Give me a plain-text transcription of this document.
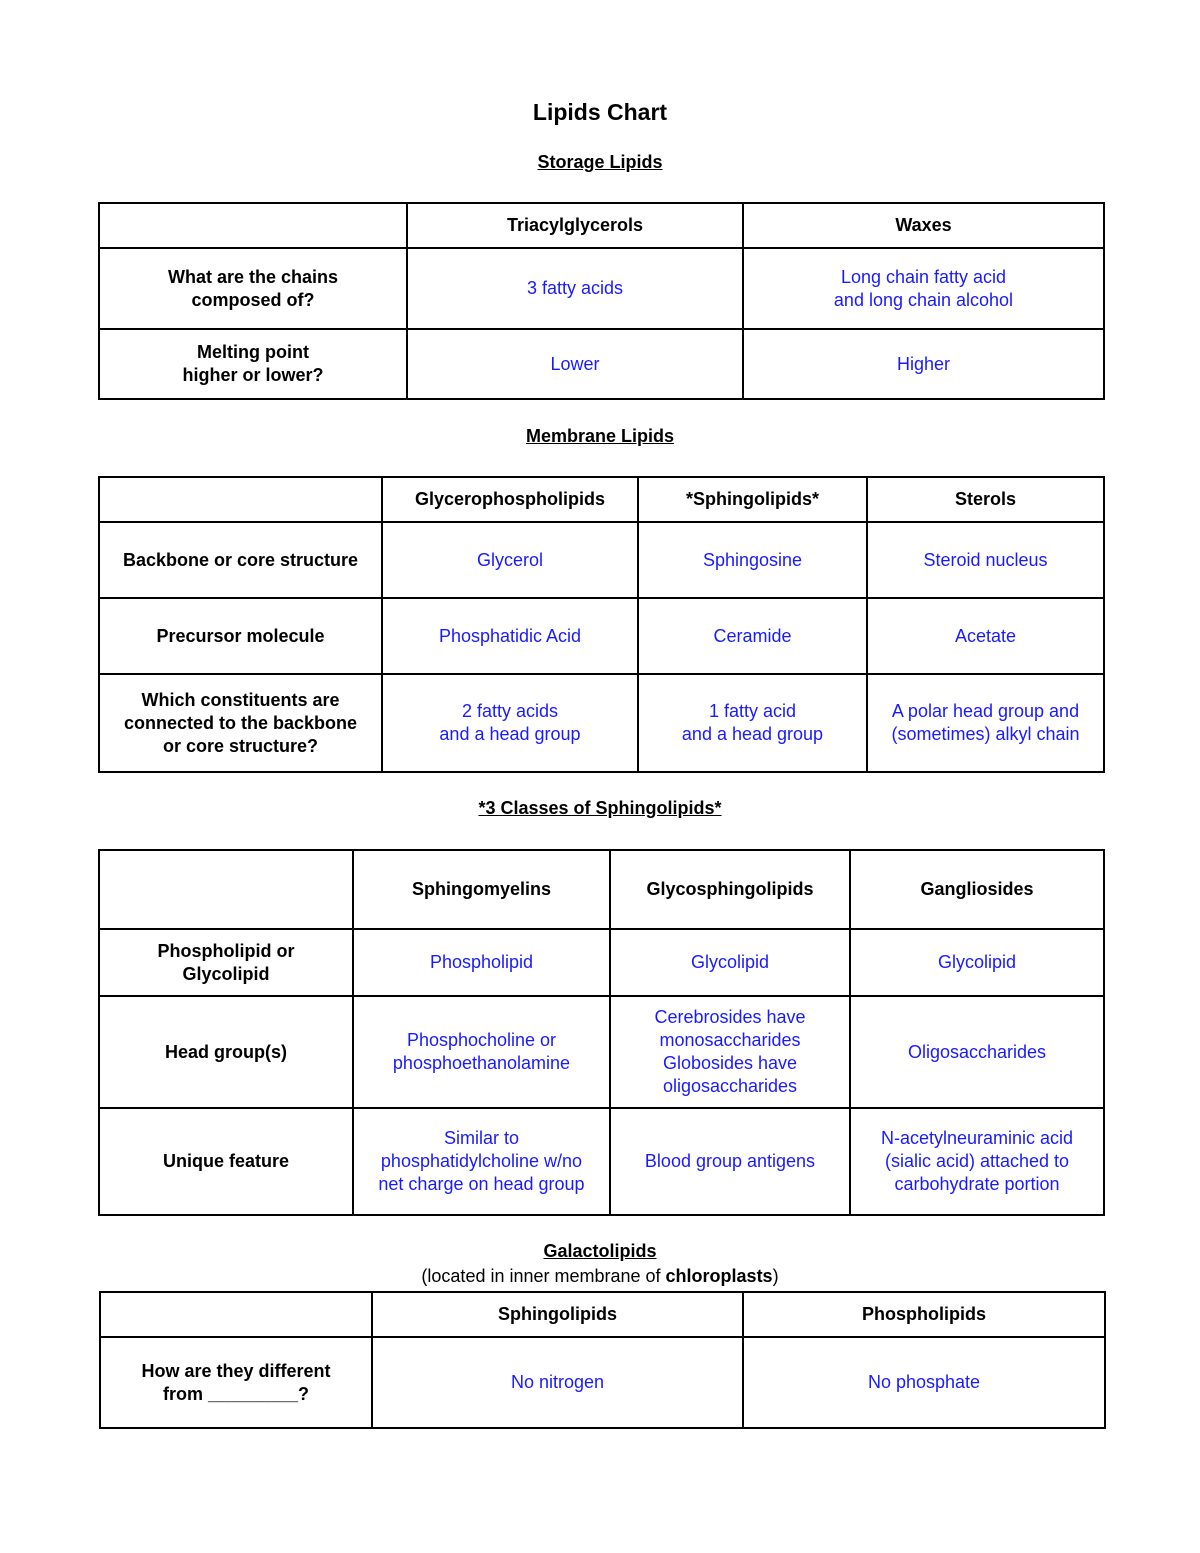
Lipids Chart
Storage Lipids
	Triacylglycerols	Waxes

What are the chains
composed of?	3 fatty acids	Long chain fatty acid
and long chain alcohol

Melting point
higher or lower?	Lower	Higher
Membrane Lipids
	Glycerophospholipids	*Sphingolipids*	Sterols

Backbone or core structure	Glycerol	Sphingosine	Steroid nucleus

Precursor molecule	Phosphatidic Acid	Ceramide	Acetate

Which constituents are
connected to the backbone
or core structure?	2 fatty acids
and a head group	1 fatty acid
and a head group	A polar head group and
(sometimes) alkyl chain
*3 Classes of Sphingolipids*
	Sphingomyelins	Glycosphingolipids	Gangliosides

Phospholipid or
Glycolipid	Phospholipid	Glycolipid	Glycolipid

Head group(s)	Phosphocholine or
phosphoethanolamine	Cerebrosides have
monosaccharides
Globosides have
oligosaccharides	Oligosaccharides

Unique feature	Similar to
phosphatidylcholine w/no
net charge on head group	Blood group antigens	N-acetylneuraminic acid
(sialic acid) attached to
carbohydrate portion
Galactolipids
(located in inner membrane of chloroplasts)
	Sphingolipids	Phospholipids

How are they different
from _________?	No nitrogen	No phosphate
